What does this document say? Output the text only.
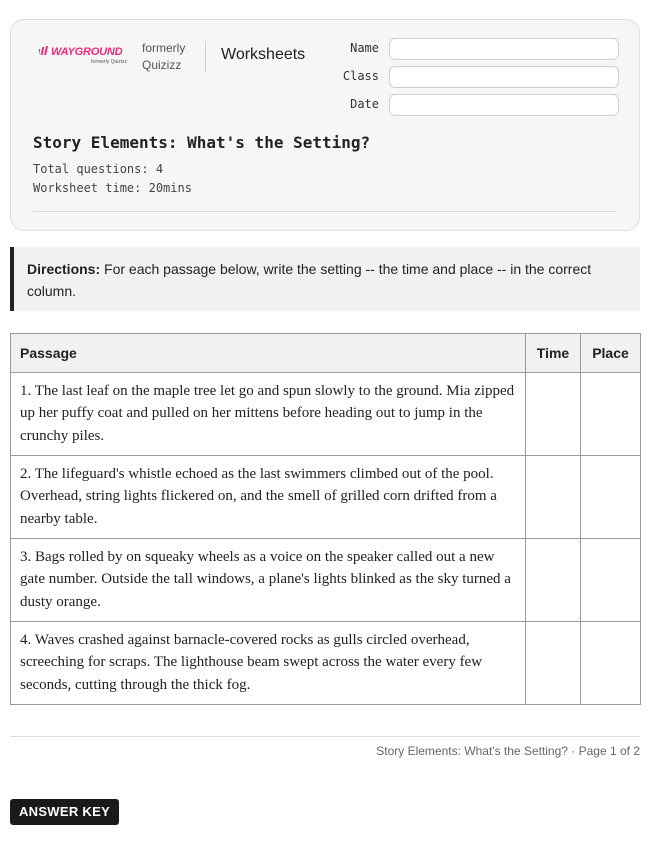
WAYGROUND
formerly Quizizz
formerly
Quizizz
Worksheets	Name
Class
Date
Story Elements: What's the Setting?
Total questions: 4
Worksheet time: 20mins
Directions: For each passage below, write the setting -- the time and place -- in the correct column.
Passage	Time	Place
1. The last leaf on the maple tree let go and spun slowly to the ground. Mia zipped up her puffy coat and pulled on her mittens before heading out to jump in the crunchy piles.		
2. The lifeguard's whistle echoed as the last swimmers climbed out of the pool. Overhead, string lights flickered on, and the smell of grilled corn drifted from a nearby table.		
3. Bags rolled by on squeaky wheels as a voice on the speaker called out a new gate number. Outside the tall windows, a plane's lights blinked as the sky turned a dusty orange.		
4. Waves crashed against barnacle-covered rocks as gulls circled overhead, screeching for scraps. The lighthouse beam swept across the water every few seconds, cutting through the thick fog.		
Story Elements: What's the Setting? · Page 1 of 2
ANSWER KEY
